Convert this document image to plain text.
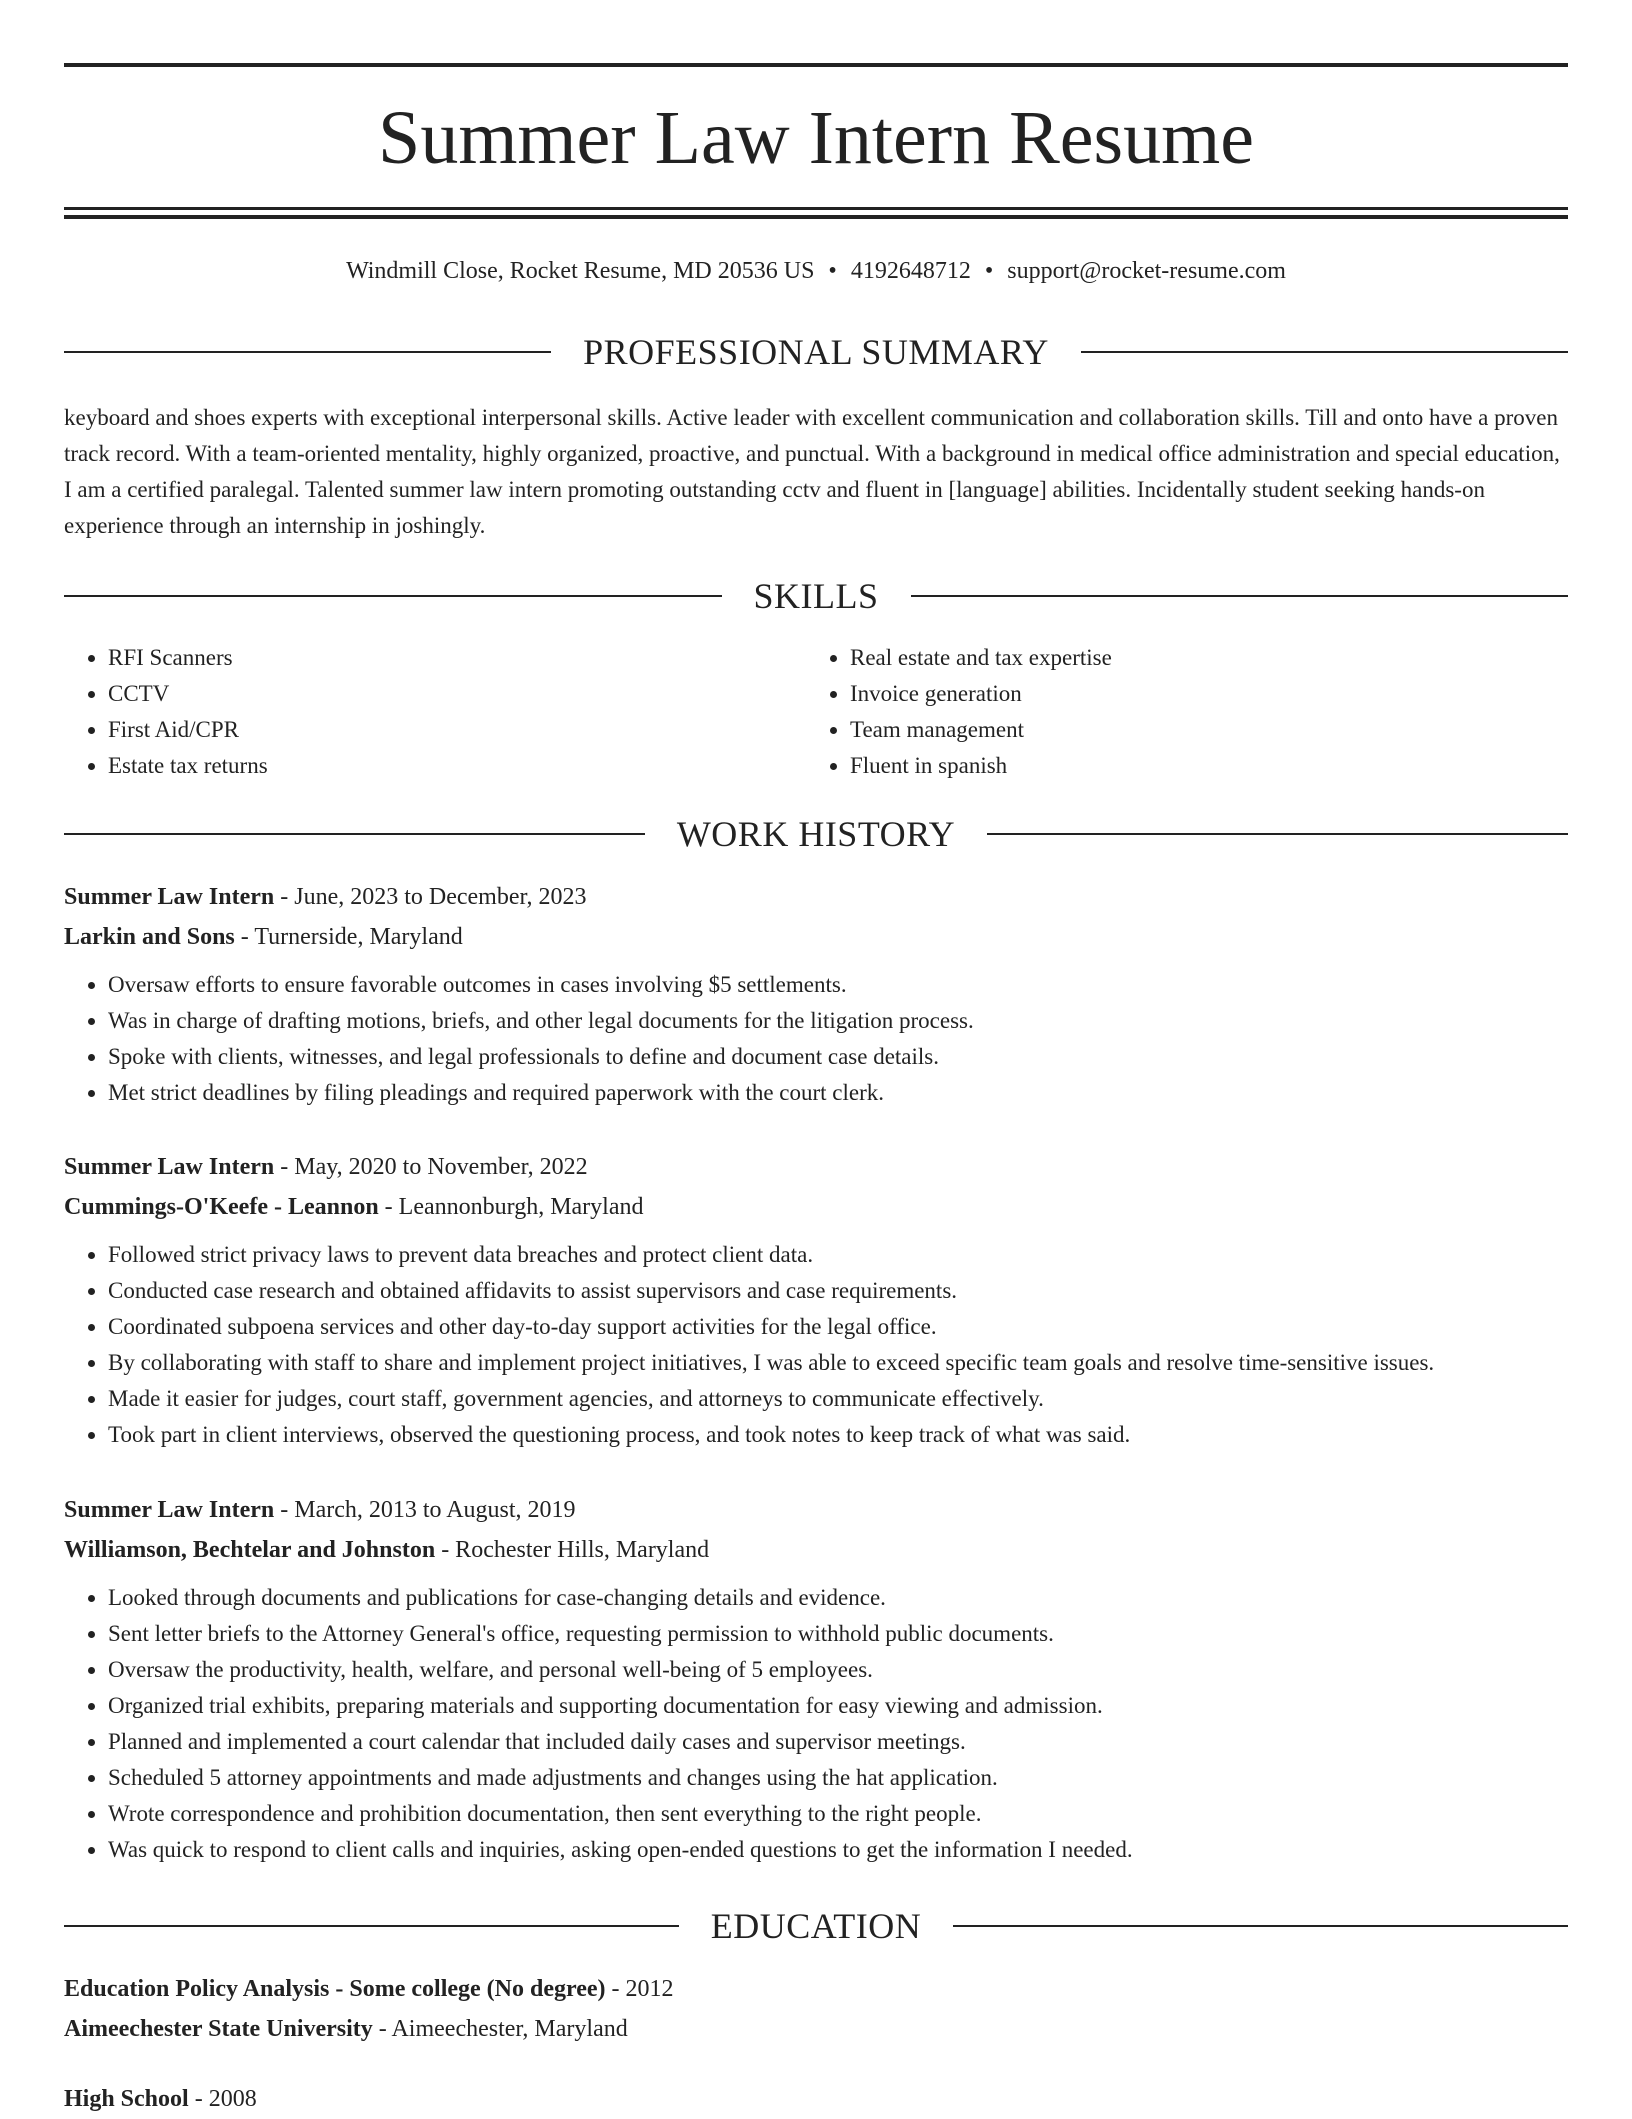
Summer Law Intern Resume
Windmill Close, Rocket Resume, MD 20536 US • 4192648712 • support@rocket-resume.com
PROFESSIONAL SUMMARY

keyboard and shoes experts with exceptional interpersonal skills. Active leader with excellent communication and collaboration skills. Till and onto have a proven track record. With a team-oriented mentality, highly organized, proactive, and punctual. With a background in medical office administration and special education, I am a certified paralegal. Talented summer law intern promoting outstanding cctv and fluent in [language] abilities. Incidentally student seeking hands-on experience through an internship in joshingly.

SKILLS
• RFI Scanners
• CCTV
• First Aid/CPR
• Estate tax returns
• Real estate and tax expertise
• Invoice generation
• Team management
• Fluent in spanish
WORK HISTORY
Summer Law Intern - June, 2023 to December, 2023
Larkin and Sons - Turnerside, Maryland
• Oversaw efforts to ensure favorable outcomes in cases involving $5 settlements.
• Was in charge of drafting motions, briefs, and other legal documents for the litigation process.
• Spoke with clients, witnesses, and legal professionals to define and document case details.
• Met strict deadlines by filing pleadings and required paperwork with the court clerk.
Summer Law Intern - May, 2020 to November, 2022
Cummings-O'Keefe - Leannon - Leannonburgh, Maryland
• Followed strict privacy laws to prevent data breaches and protect client data.
• Conducted case research and obtained affidavits to assist supervisors and case requirements.
• Coordinated subpoena services and other day-to-day support activities for the legal office.
• By collaborating with staff to share and implement project initiatives, I was able to exceed specific team goals and resolve time-sensitive issues.
• Made it easier for judges, court staff, government agencies, and attorneys to communicate effectively.
• Took part in client interviews, observed the questioning process, and took notes to keep track of what was said.
Summer Law Intern - March, 2013 to August, 2019
Williamson, Bechtelar and Johnston - Rochester Hills, Maryland
• Looked through documents and publications for case-changing details and evidence.
• Sent letter briefs to the Attorney General's office, requesting permission to withhold public documents.
• Oversaw the productivity, health, welfare, and personal well-being of 5 employees.
• Organized trial exhibits, preparing materials and supporting documentation for easy viewing and admission.
• Planned and implemented a court calendar that included daily cases and supervisor meetings.
• Scheduled 5 attorney appointments and made adjustments and changes using the hat application.
• Wrote correspondence and prohibition documentation, then sent everything to the right people.
• Was quick to respond to client calls and inquiries, asking open-ended questions to get the information I needed.
EDUCATION
Education Policy Analysis - Some college (No degree) - 2012
Aimeechester State University - Aimeechester, Maryland
High School - 2008
